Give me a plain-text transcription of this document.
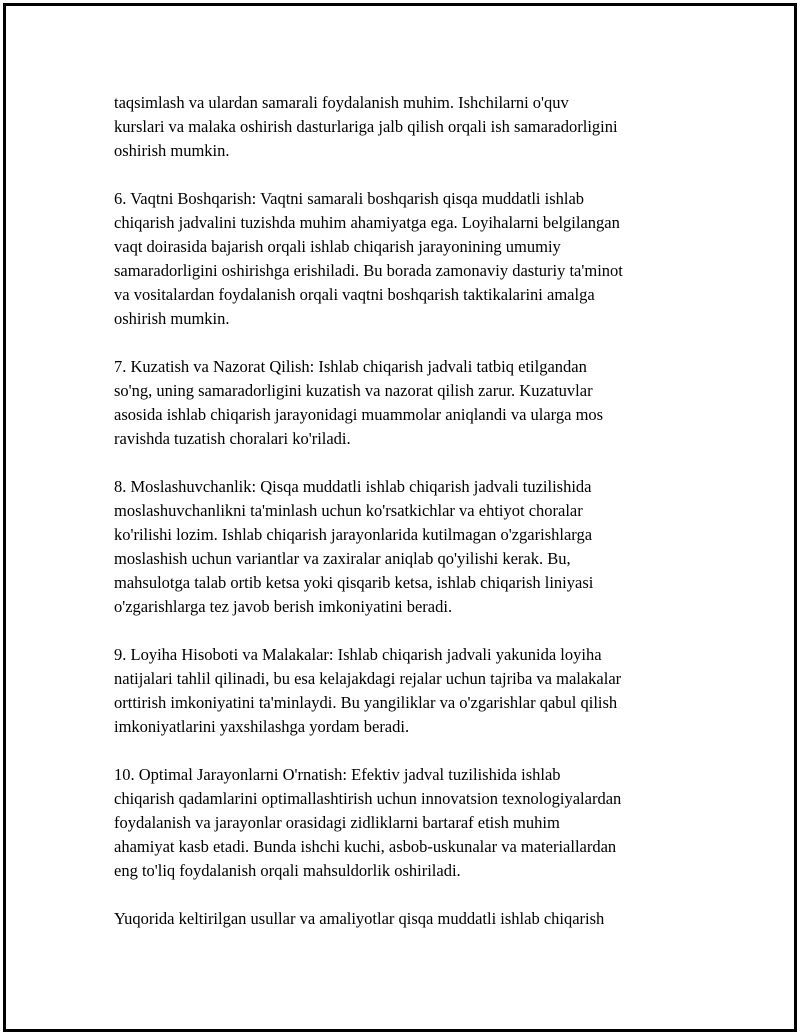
taqsimlash va ulardan samarali foydalanish muhim. Ishchilarni o'quv
kurslari va malaka oshirish dasturlariga jalb qilish orqali ish samaradorligini
oshirish mumkin.
6. Vaqtni Boshqarish: Vaqtni samarali boshqarish qisqa muddatli ishlab
chiqarish jadvalini tuzishda muhim ahamiyatga ega. Loyihalarni belgilangan
vaqt doirasida bajarish orqali ishlab chiqarish jarayonining umumiy
samaradorligini oshirishga erishiladi. Bu borada zamonaviy dasturiy ta'minot
va vositalardan foydalanish orqali vaqtni boshqarish taktikalarini amalga
oshirish mumkin.
7. Kuzatish va Nazorat Qilish: Ishlab chiqarish jadvali tatbiq etilgandan
so'ng, uning samaradorligini kuzatish va nazorat qilish zarur. Kuzatuvlar
asosida ishlab chiqarish jarayonidagi muammolar aniqlandi va ularga mos
ravishda tuzatish choralari ko'riladi.
8. Moslashuvchanlik: Qisqa muddatli ishlab chiqarish jadvali tuzilishida
moslashuvchanlikni ta'minlash uchun ko'rsatkichlar va ehtiyot choralar
ko'rilishi lozim. Ishlab chiqarish jarayonlarida kutilmagan o'zgarishlarga
moslashish uchun variantlar va zaxiralar aniqlab qo'yilishi kerak. Bu,
mahsulotga talab ortib ketsa yoki qisqarib ketsa, ishlab chiqarish liniyasi
o'zgarishlarga tez javob berish imkoniyatini beradi.
9. Loyiha Hisoboti va Malakalar: Ishlab chiqarish jadvali yakunida loyiha
natijalari tahlil qilinadi, bu esa kelajakdagi rejalar uchun tajriba va malakalar
orttirish imkoniyatini ta'minlaydi. Bu yangiliklar va o'zgarishlar qabul qilish
imkoniyatlarini yaxshilashga yordam beradi.
10. Optimal Jarayonlarni O'rnatish: Efektiv jadval tuzilishida ishlab
chiqarish qadamlarini optimallashtirish uchun innovatsion texnologiyalardan
foydalanish va jarayonlar orasidagi zidliklarni bartaraf etish muhim
ahamiyat kasb etadi. Bunda ishchi kuchi, asbob-uskunalar va materiallardan
eng to'liq foydalanish orqali mahsuldorlik oshiriladi.
Yuqorida keltirilgan usullar va amaliyotlar qisqa muddatli ishlab chiqarish
